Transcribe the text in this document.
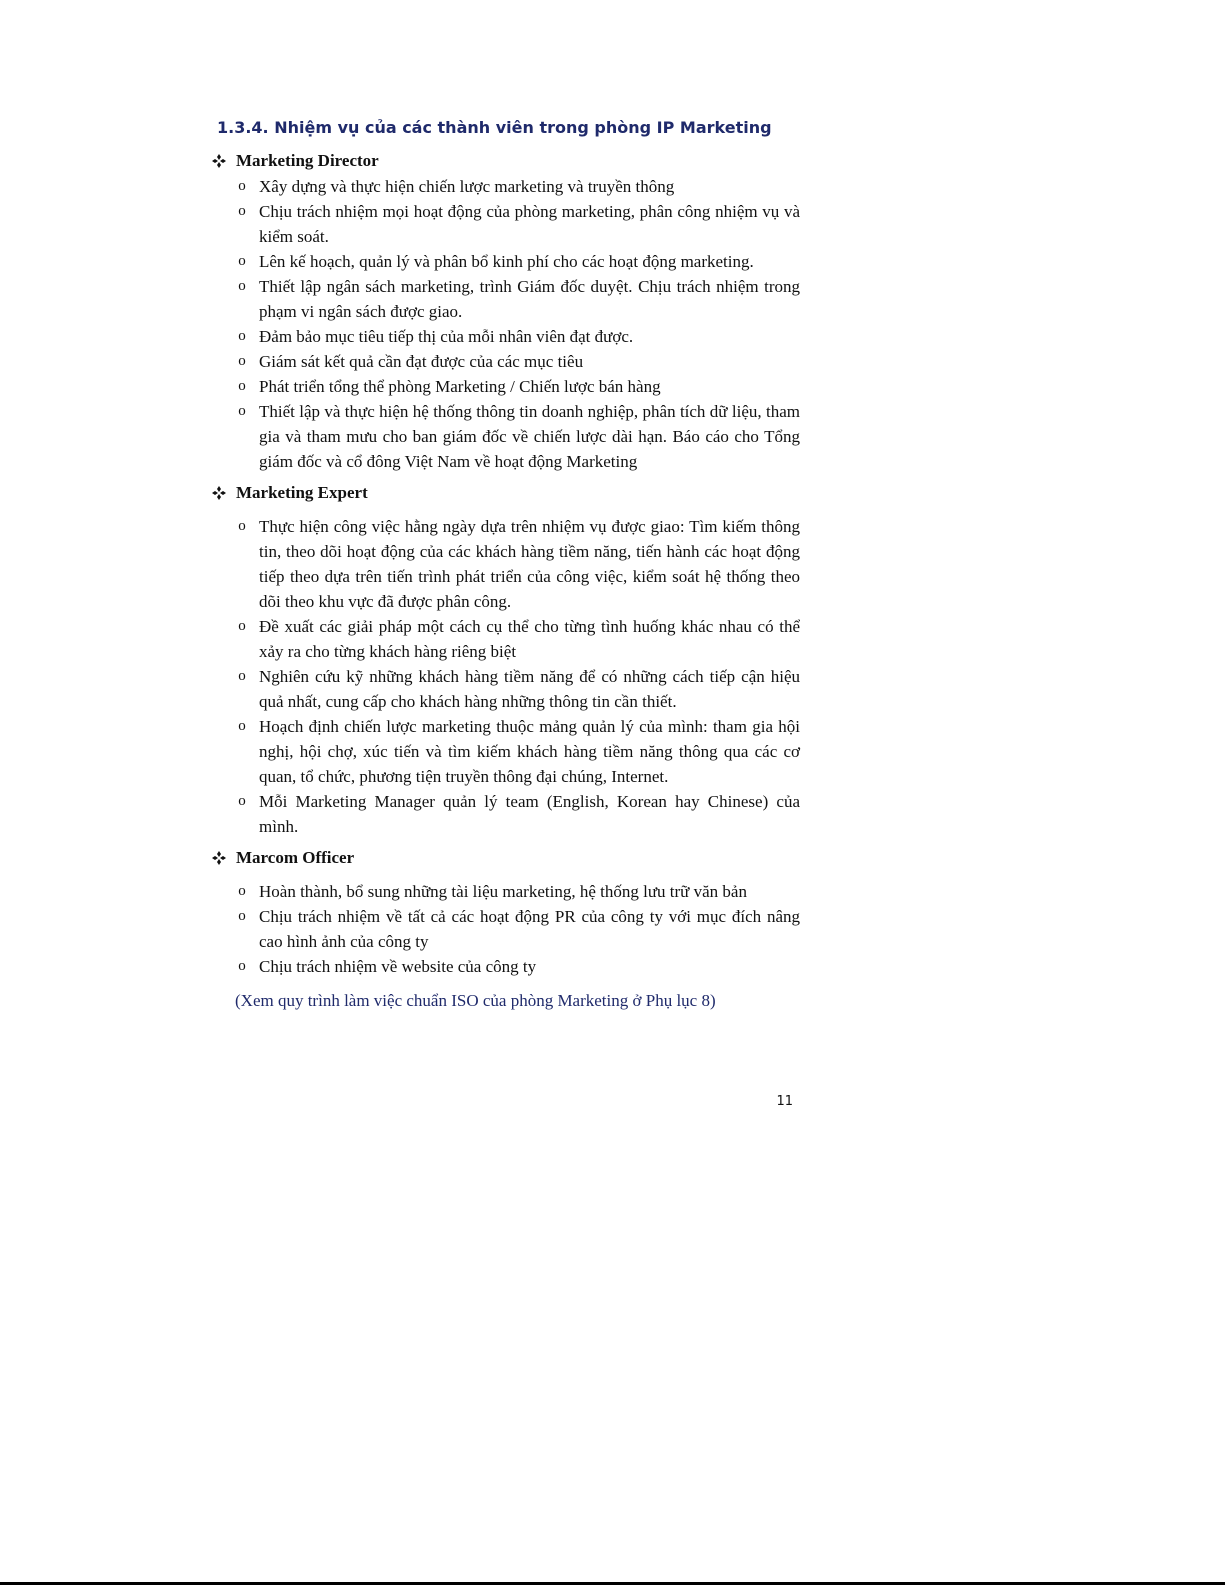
1.3.4. Nhiệm vụ của các thành viên trong phòng IP Marketing
Marketing Director
o Xây dựng và thực hiện chiến lược marketing và truyền thông
o Chịu trách nhiệm mọi hoạt động của phòng marketing, phân công nhiệm vụ và kiểm soát.
o Lên kế hoạch, quản lý và phân bổ kinh phí cho các hoạt động marketing.
o Thiết lập ngân sách marketing, trình Giám đốc duyệt. Chịu trách nhiệm trong phạm vi ngân sách được giao.
o Đảm bảo mục tiêu tiếp thị của mỗi nhân viên đạt được.
o Giám sát kết quả cần đạt được của các mục tiêu
o Phát triển tổng thể phòng Marketing / Chiến lược bán hàng
o Thiết lập và thực hiện hệ thống thông tin doanh nghiệp, phân tích dữ liệu, tham gia và tham mưu cho ban giám đốc về chiến lược dài hạn. Báo cáo cho Tổng giám đốc và cổ đông Việt Nam về hoạt động Marketing
Marketing Expert
o Thực hiện công việc hằng ngày dựa trên nhiệm vụ được giao: Tìm kiếm thông tin, theo dõi hoạt động của các khách hàng tiềm năng, tiến hành các hoạt động tiếp theo dựa trên tiến trình phát triển của công việc, kiểm soát hệ thống theo dõi theo khu vực đã được phân công.
o Đề xuất các giải pháp một cách cụ thể cho từng tình huống khác nhau có thể xảy ra cho từng khách hàng riêng biệt
o Nghiên cứu kỹ những khách hàng tiềm năng để có những cách tiếp cận hiệu quả nhất, cung cấp cho khách hàng những thông tin cần thiết.
o Hoạch định chiến lược marketing thuộc mảng quản lý của mình: tham gia hội nghị, hội chợ, xúc tiến và tìm kiếm khách hàng tiềm năng thông qua các cơ quan, tổ chức, phương tiện truyền thông đại chúng, Internet.
o Mỗi Marketing Manager quản lý team (English, Korean hay Chinese) của mình.
Marcom Officer
o Hoàn thành, bổ sung những tài liệu marketing, hệ thống lưu trữ văn bản
o Chịu trách nhiệm về tất cả các hoạt động PR của công ty với mục đích nâng cao hình ảnh của công ty
o Chịu trách nhiệm về website của công ty
(Xem quy trình làm việc chuẩn ISO của phòng Marketing ở Phụ lục 8)
11
